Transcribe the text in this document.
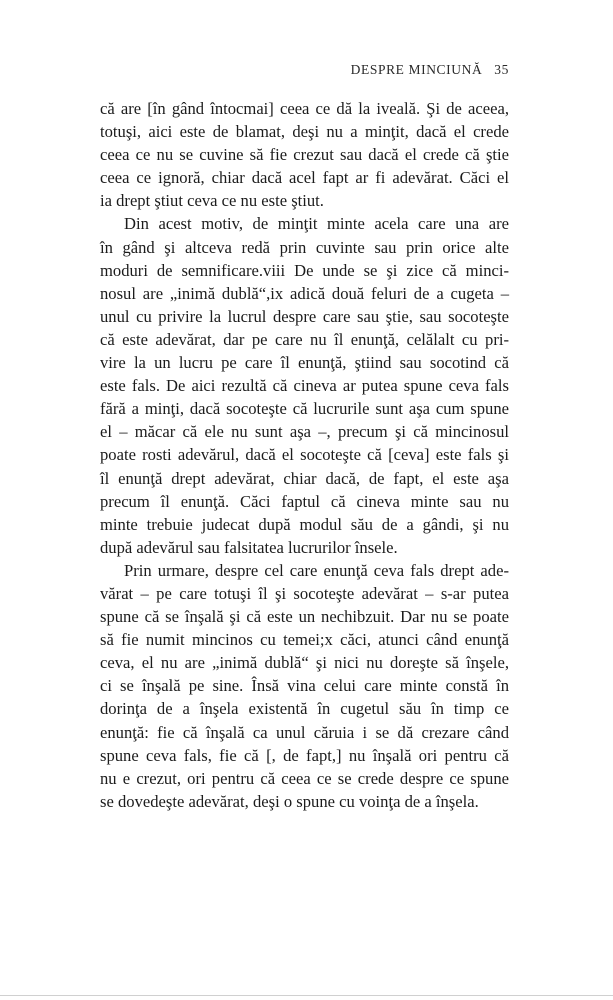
DESPRE MINCIUNĂ 35
că are [în gând întocmai] ceea ce dă la iveală. Şi de aceea,
totuşi, aici este de blamat, deşi nu a minţit, dacă el crede
ceea ce nu se cuvine să fie crezut sau dacă el crede că ştie
ceea ce ignoră, chiar dacă acel fapt ar fi adevărat. Căci el
ia drept ştiut ceva ce nu este ştiut.
Din acest motiv, de minţit minte acela care una are
în gând şi altceva redă prin cuvinte sau prin orice alte
moduri de semnificare.viii De unde se şi zice că minci-
nosul are „inimă dublă“,ix adică două feluri de a cugeta –
unul cu privire la lucrul despre care sau ştie, sau socoteşte
că este adevărat, dar pe care nu îl enunţă, celălalt cu pri-
vire la un lucru pe care îl enunţă, ştiind sau socotind că
este fals. De aici rezultă că cineva ar putea spune ceva fals
fără a minţi, dacă socoteşte că lucrurile sunt aşa cum spune
el – măcar că ele nu sunt aşa –, precum şi că mincinosul
poate rosti adevărul, dacă el socoteşte că [ceva] este fals şi
îl enunţă drept adevărat, chiar dacă, de fapt, el este aşa
precum îl enunţă. Căci faptul că cineva minte sau nu
minte trebuie judecat după modul său de a gândi, şi nu
după adevărul sau falsitatea lucrurilor însele.
Prin urmare, despre cel care enunţă ceva fals drept ade-
vărat – pe care totuşi îl şi socoteşte adevărat – s-ar putea
spune că se înşală şi că este un nechibzuit. Dar nu se poate
să fie numit mincinos cu temei;x căci, atunci când enunţă
ceva, el nu are „inimă dublă“ şi nici nu doreşte să înşele,
ci se înşală pe sine. Însă vina celui care minte constă în
dorinţa de a înşela existentă în cugetul său în timp ce
enunţă: fie că înşală ca unul căruia i se dă crezare când
spune ceva fals, fie că [, de fapt,] nu înşală ori pentru că
nu e crezut, ori pentru că ceea ce se crede despre ce spune
se dovedeşte adevărat, deşi o spune cu voinţa de a înşela.
